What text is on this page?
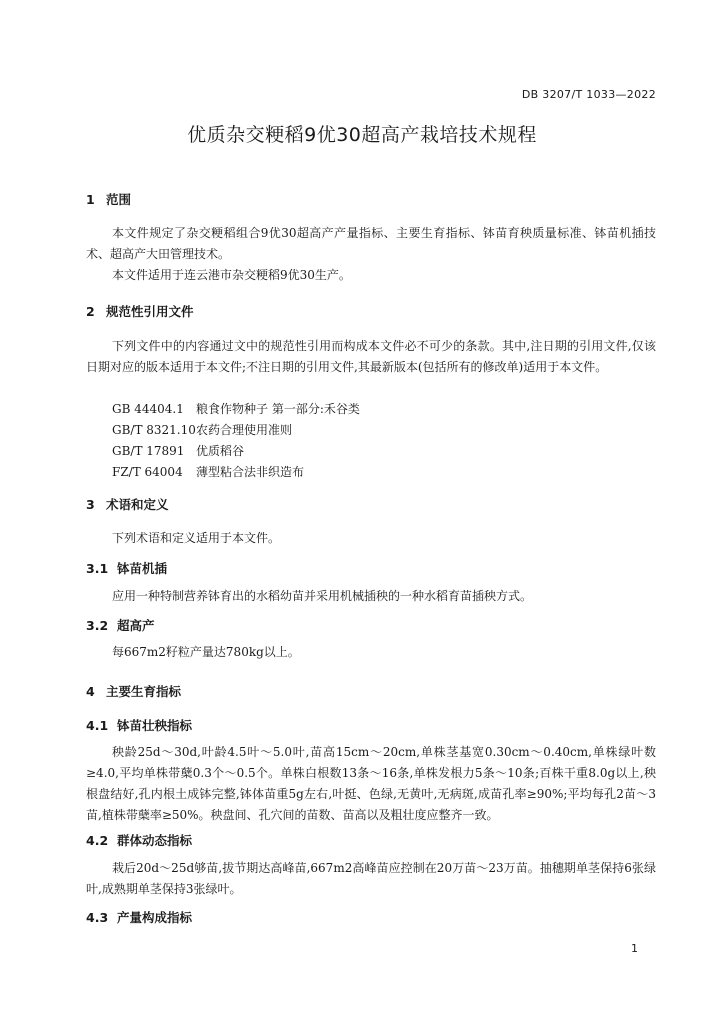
DB 3207/T 1033—2022
优质杂交粳稻9优30超高产栽培技术规程
1 范围
本文件规定了杂交粳稻组合9优30超高产产量指标、主要生育指标、钵苗育秧质量标准、钵苗机插技术、超高产大田管理技术。
本文件适用于连云港市杂交粳稻9优30生产。
2 规范性引用文件
下列文件中的内容通过文中的规范性引用而构成本文件必不可少的条款。其中,注日期的引用文件,仅该日期对应的版本适用于本文件;不注日期的引用文件,其最新版本(包括所有的修改单)适用于本文件。
GB 44404.1 粮食作物种子 第一部分:禾谷类
GB/T 8321.10农药合理使用准则
GB/T 17891 优质稻谷
FZ/T 64004 薄型粘合法非织造布
3 术语和定义
下列术语和定义适用于本文件。
3.1 钵苗机插
应用一种特制营养钵育出的水稻幼苗并采用机械插秧的一种水稻育苗插秧方式。
3.2 超高产
每667m2籽粒产量达780kg以上。
4 主要生育指标
4.1 钵苗壮秧指标
秧龄25d～30d,叶龄4.5叶～5.0叶,苗高15cm～20cm,单株茎基宽0.30cm～0.40cm,单株绿叶数≥4.0,平均单株带蘖0.3个～0.5个。单株白根数13条～16条,单株发根力5条～10条;百株干重8.0g以上,秧根盘结好,孔内根土成钵完整,钵体苗重5g左右,叶挺、色绿,无黄叶,无病斑,成苗孔率≥90%;平均每孔2苗～3苗,植株带蘖率≥50%。秧盘间、孔穴间的苗数、苗高以及粗壮度应整齐一致。
4.2 群体动态指标
栽后20d～25d够苗,拔节期达高峰苗,667m2高峰苗应控制在20万苗～23万苗。抽穗期单茎保持6张绿叶,成熟期单茎保持3张绿叶。
4.3 产量构成指标
1
